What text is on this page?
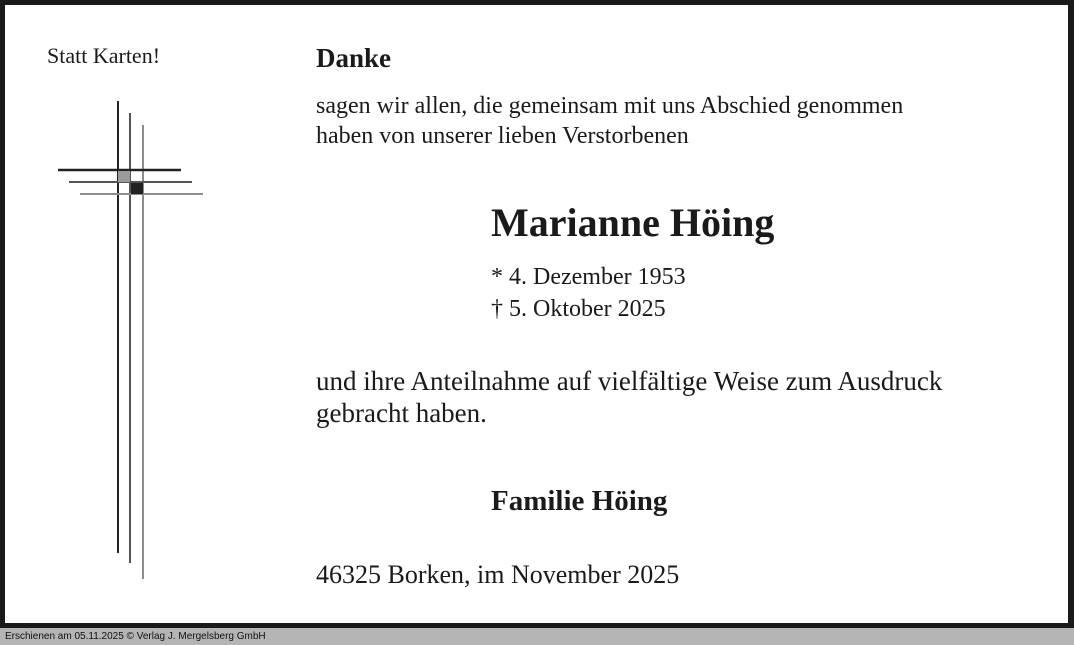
Statt Karten!	Danke
sagen wir allen, die gemeinsam mit uns Abschied genommen
haben von unserer lieben Verstorbenen
Marianne Höing
* 4. Dezember 1953
† 5. Oktober 2025
und ihre Anteilnahme auf vielfältige Weise zum Ausdruck
gebracht haben.
Familie Höing
46325 Borken, im November 2025
Erschienen am 05.11.2025 © Verlag J. Mergelsberg GmbH
